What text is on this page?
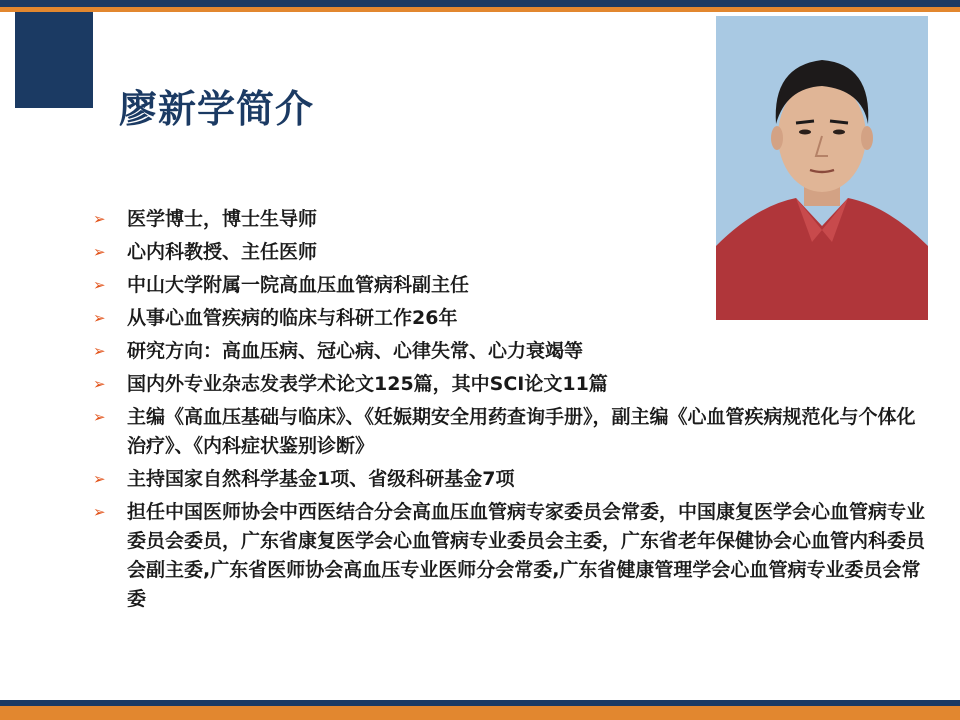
廖新学简介
➢ 医学博士，博士生导师
➢ 心内科教授、主任医师
➢ 中山大学附属一院高血压血管病科副主任
➢ 从事心血管疾病的临床与科研工作26年
➢ 研究方向：高血压病、冠心病、心律失常、心力衰竭等
➢ 国内外专业杂志发表学术论文125篇，其中SCI论文11篇
➢ 主编《高血压基础与临床》、《妊娠期安全用药查询手册》，副主编《心血管疾病规范化与个体化治疗》、《内科症状鉴别诊断》
➢ 主持国家自然科学基金1项、省级科研基金7项
➢ 担任中国医师协会中西医结合分会高血压血管病专家委员会常委，中国康复医学会心血管病专业委员会委员，广东省康复医学会心血管病专业委员会主委，广东省老年保健协会心血管内科委员会副主委,广东省医师协会高血压专业医师分会常委,广东省健康管理学会心血管病专业委员会常委
